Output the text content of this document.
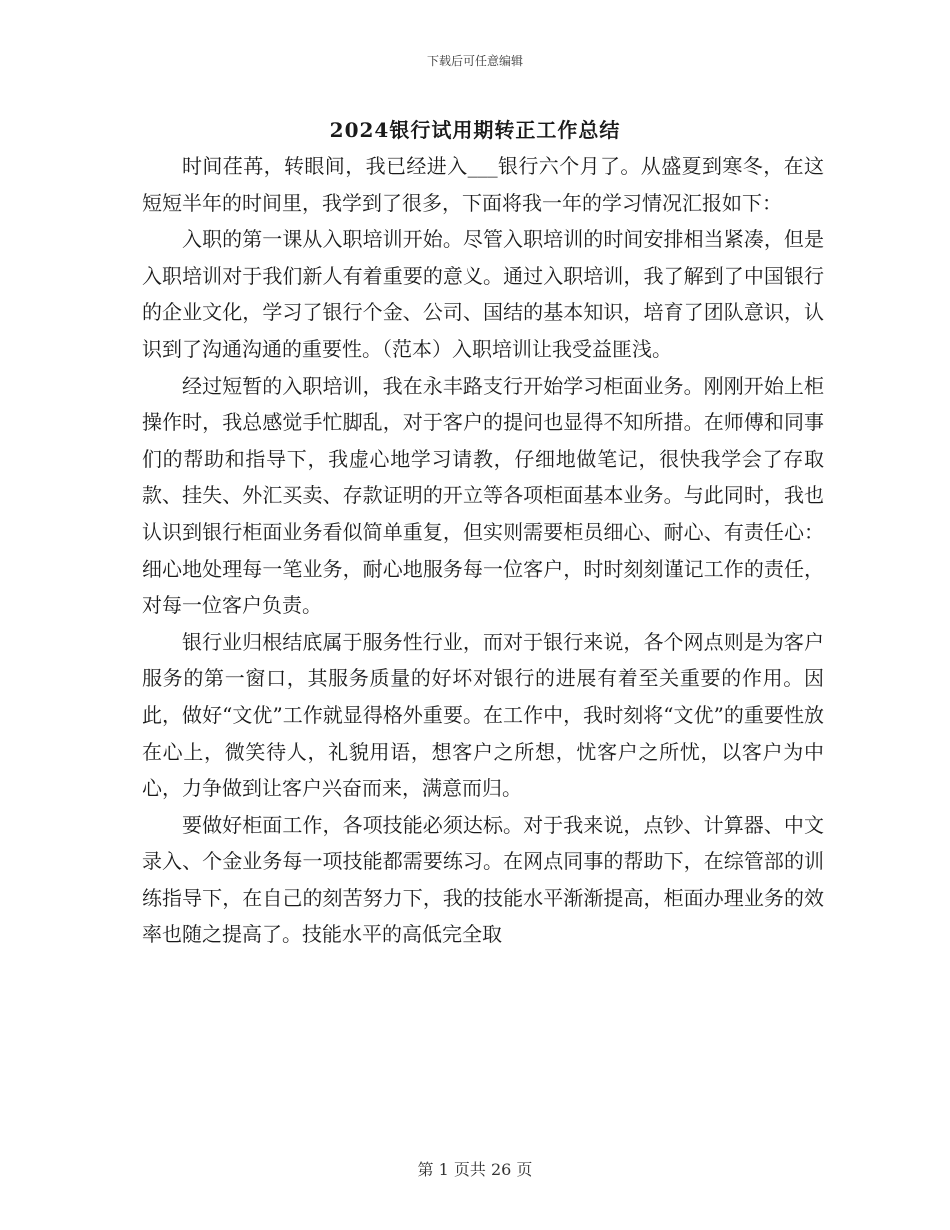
下载后可任意编辑
2024银行试用期转正工作总结

时间荏苒，转眼间，我已经进入___银行六个月了。从盛夏到寒冬，在这短短半年的时间里，我学到了很多，下面将我一年的学习情况汇报如下：

入职的第一课从入职培训开始。尽管入职培训的时间安排相当紧凑，但是入职培训对于我们新人有着重要的意义。通过入职培训，我了解到了中国银行的企业文化，学习了银行个金、公司、国结的基本知识，培育了团队意识，认识到了沟通沟通的重要性。（范本）入职培训让我受益匪浅。

经过短暂的入职培训，我在永丰路支行开始学习柜面业务。刚刚开始上柜操作时，我总感觉手忙脚乱，对于客户的提问也显得不知所措。在师傅和同事们的帮助和指导下，我虚心地学习请教，仔细地做笔记，很快我学会了存取款、挂失、外汇买卖、存款证明的开立等各项柜面基本业务。与此同时，我也认识到银行柜面业务看似简单重复，但实则需要柜员细心、耐心、有责任心：细心地处理每一笔业务，耐心地服务每一位客户，时时刻刻谨记工作的责任，对每一位客户负责。

银行业归根结底属于服务性行业，而对于银行来说，各个网点则是为客户服务的第一窗口，其服务质量的好坏对银行的进展有着至关重要的作用。因此，做好“文优”工作就显得格外重要。在工作中，我时刻将“文优”的重要性放在心上，微笑待人，礼貌用语，想客户之所想，忧客户之所忧，以客户为中心，力争做到让客户兴奋而来，满意而归。

要做好柜面工作，各项技能必须达标。对于我来说，点钞、计算器、中文录入、个金业务每一项技能都需要练习。在网点同事的帮助下，在综管部的训练指导下，在自己的刻苦努力下，我的技能水平渐渐提高，柜面办理业务的效率也随之提高了。技能水平的高低完全取

第 1 页共 26 页
